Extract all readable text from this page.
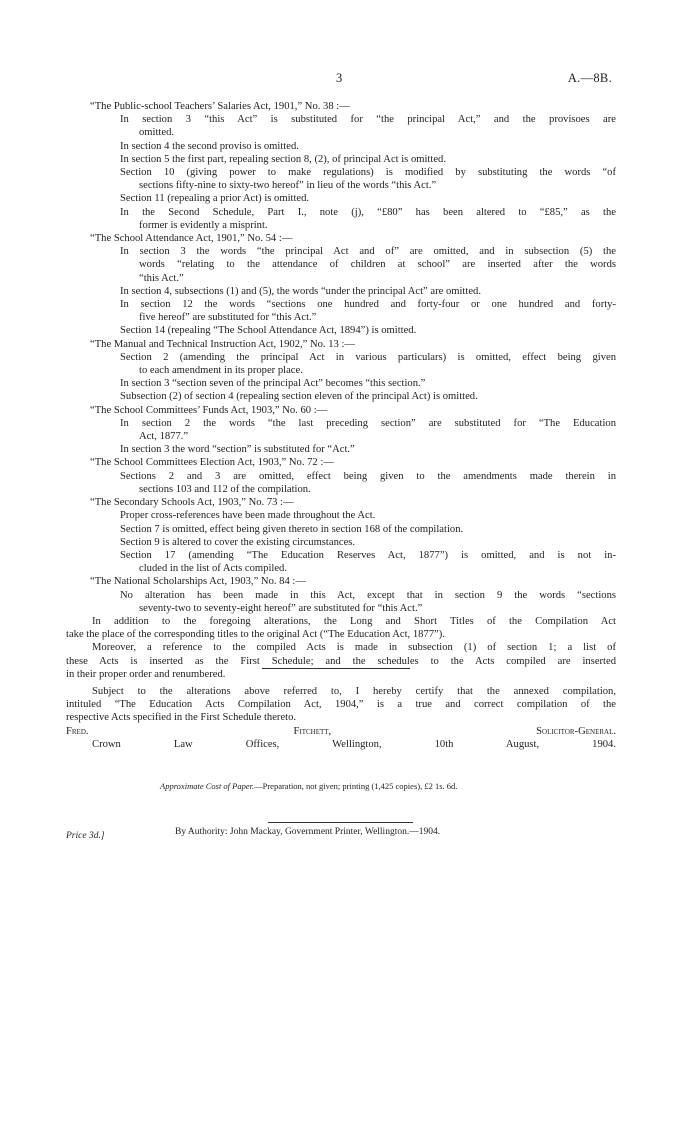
3	A.—8B.
“The Public-school Teachers’ Salaries Act, 1901,” No. 38 :—
In section 3 “this Act” is substituted for “the principal Act,” and the provisoes are
omitted.
In section 4 the second proviso is omitted.
In section 5 the first part, repealing section 8, (2), of principal Act is omitted.
Section 10 (giving power to make regulations) is modified by substituting the words “of
sections fifty-nine to sixty-two hereof” in lieu of the words “this Act.”
Section 11 (repealing a prior Act) is omitted.
In the Second Schedule, Part I., note (j), “£80” has been altered to “£85,” as the
former is evidently a misprint.
“The School Attendance Act, 1901,” No. 54 :—
In section 3 the words “the principal Act and of” are omitted, and in subsection (5) the
words “relating to the attendance of children at school” are inserted after the words
“this Act.”
In section 4, subsections (1) and (5), the words “under the principal Act” are omitted.
In section 12 the words “sections one hundred and forty-four or one hundred and forty-
five hereof” are substituted for “this Act.”
Section 14 (repealing “The School Attendance Act, 1894”) is omitted.
“The Manual and Technical Instruction Act, 1902,” No. 13 :—
Section 2 (amending the principal Act in various particulars) is omitted, effect being given
to each amendment in its proper place.
In section 3 “section seven of the principal Act” becomes “this section.”
Subsection (2) of section 4 (repealing section eleven of the principal Act) is omitted.
“The School Committees’ Funds Act, 1903,” No. 60 :—
In section 2 the words “the last preceding section” are substituted for “The Education
Act, 1877.”
In section 3 the word “section” is substituted for “Act.”
“The School Committees Election Act, 1903,” No. 72 :—
Sections 2 and 3 are omitted, effect being given to the amendments made therein in
sections 103 and 112 of the compilation.
“The Secondary Schools Act, 1903,” No. 73 :—
Proper cross-references have been made throughout the Act.
Section 7 is omitted, effect being given thereto in section 168 of the compilation.
Section 9 is altered to cover the existing circumstances.
Section 17 (amending “The Education Reserves Act, 1877”) is omitted, and is not in-
cluded in the list of Acts compiled.
“The National Scholarships Act, 1903,” No. 84 :—
No alteration has been made in this Act, except that in section 9 the words “sections
seventy-two to seventy-eight hereof” are substituted for “this Act.”
In addition to the foregoing alterations, the Long and Short Titles of the Compilation Act
take the place of the corresponding titles to the original Act (“The Education Act, 1877”).
Moreover, a reference to the compiled Acts is made in subsection (1) of section 1; a list of
these Acts is inserted as the First Schedule; and the schedules to the Acts compiled are inserted
in their proper order and renumbered.
Subject to the alterations above referred to, I hereby certify that the annexed compilation,
intituled “The Education Acts Compilation Act, 1904,” is a true and correct compilation of the
respective Acts specified in the First Schedule thereto.
Fred. Fitchett, Solicitor-General.
Crown Law Offices, Wellington, 10th August, 1904.
Approximate Cost of Paper.—Preparation, not given; printing (1,425 copies), £2 1s. 6d.
Price 3d.]	By Authority: John Mackay, Government Printer, Wellington.—1904.
